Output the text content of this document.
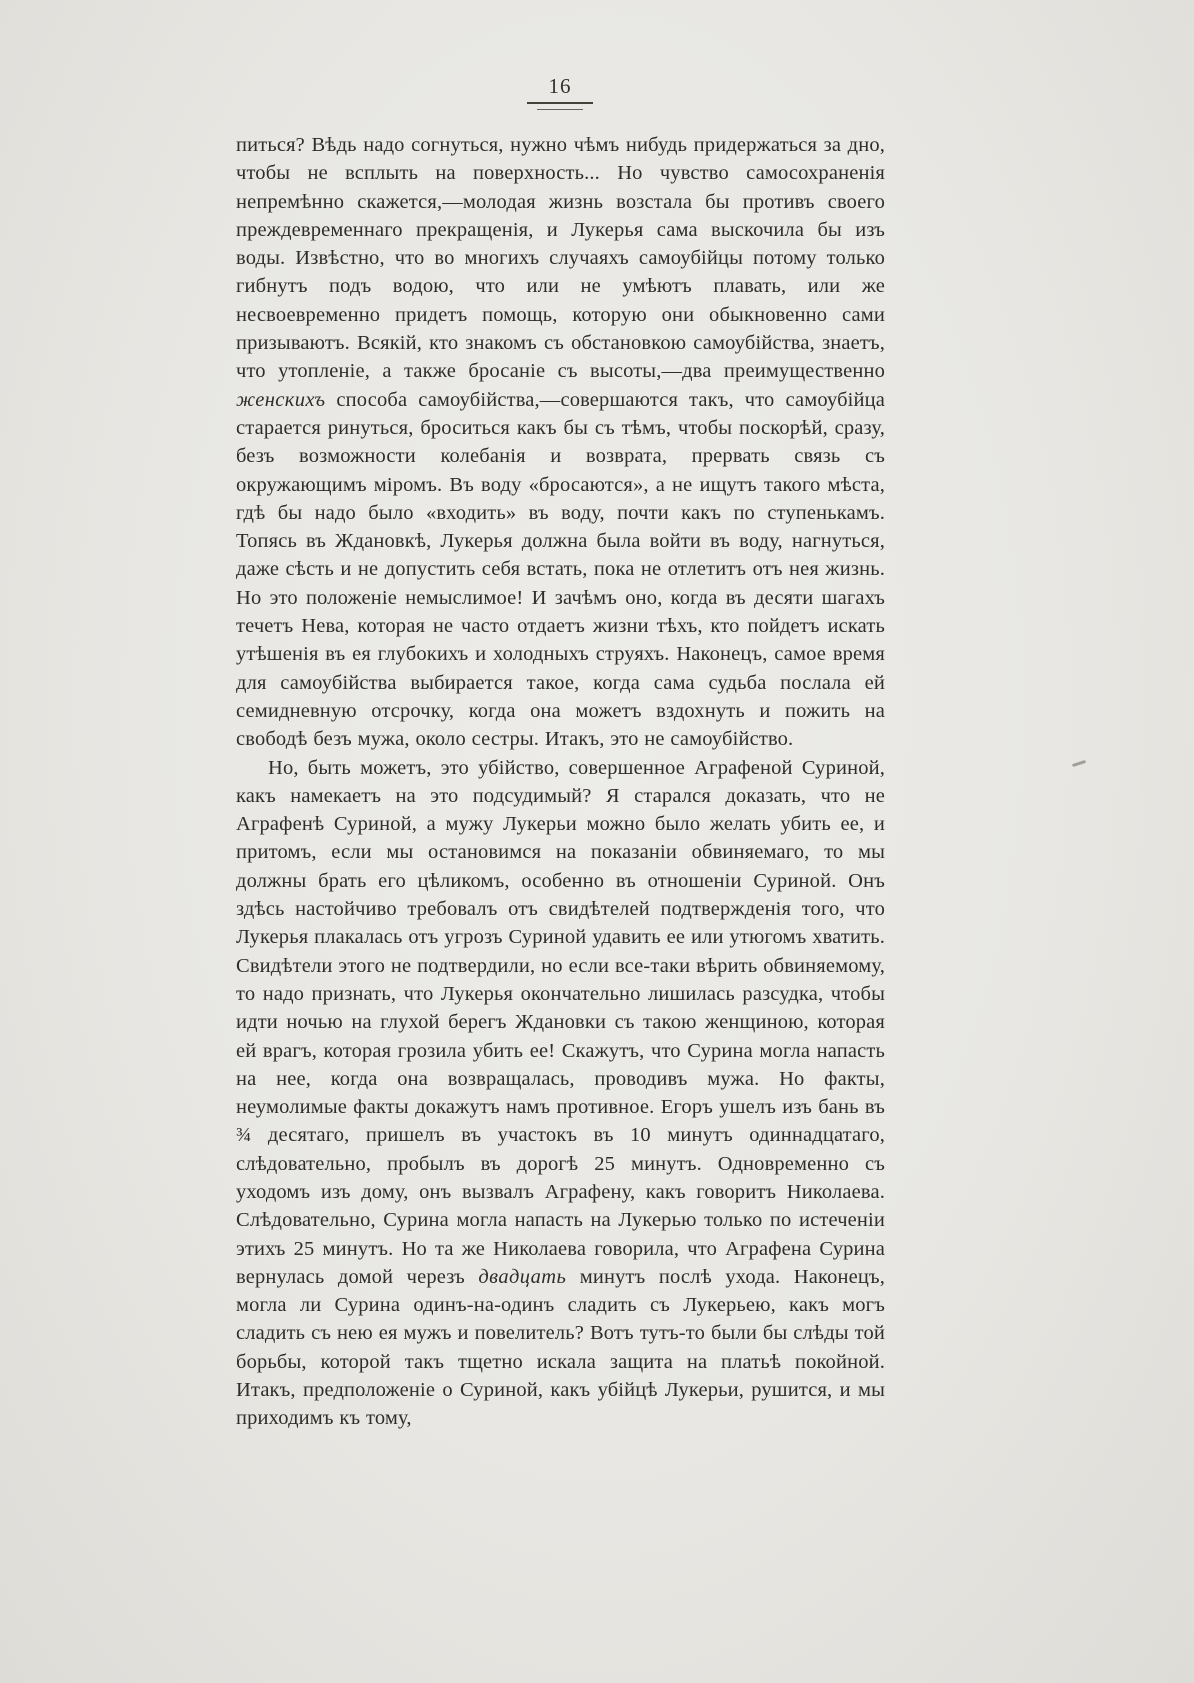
16

питься? Вѣдь надо согнуться, нужно чѣмъ нибудь придержаться за дно, чтобы не всплыть на поверхность... Но чувство самосохраненія непремѣнно скажется,—молодая жизнь возстала бы противъ своего преждевременнаго прекращенія, и Лукерья сама выскочила бы изъ воды. Извѣстно, что во многихъ случаяхъ самоубійцы потому только гибнутъ подъ водою, что или не умѣютъ плавать, или же несвоевременно придетъ помощь, которую они обыкновенно сами призываютъ. Всякій, кто знакомъ съ обстановкою самоубійства, знаетъ, что утопленіе, а также бросаніе съ высоты,—два преимущественно женскихъ способа самоубійства,—совершаются такъ, что самоубійца старается ринуться, броситься какъ бы съ тѣмъ, чтобы поскорѣй, сразу, безъ возможности колебанія и возврата, прервать связь съ окружающимъ міромъ. Въ воду «бросаются», а не ищутъ такого мѣста, гдѣ бы надо было «входить» въ воду, почти какъ по ступенькамъ. Топясь въ Ждановкѣ, Лукерья должна была войти въ воду, нагнуться, даже сѣсть и не допустить себя встать, пока не отлетитъ отъ нея жизнь. Но это положеніе немыслимое! И зачѣмъ оно, когда въ десяти шагахъ течетъ Нева, которая не часто отдаетъ жизни тѣхъ, кто пойдетъ искать утѣшенія въ ея глубокихъ и холодныхъ струяхъ. Наконецъ, самое время для самоубійства выбирается такое, когда сама судьба послала ей семидневную отсрочку, когда она можетъ вздохнуть и пожить на свободѣ безъ мужа, около сестры. Итакъ, это не самоубійство.

Но, быть можетъ, это убійство, совершенное Аграфеной Суриной, какъ намекаетъ на это подсудимый? Я старался доказать, что не Аграфенѣ Суриной, а мужу Лукерьи можно было желать убить ее, и притомъ, если мы остановимся на показаніи обвиняемаго, то мы должны брать его цѣликомъ, особенно въ отношеніи Суриной. Онъ здѣсь настойчиво требовалъ отъ свидѣтелей подтвержденія того, что Лукерья плакалась отъ угрозъ Суриной удавить ее или утюгомъ хватить. Свидѣтели этого не подтвердили, но если все-таки вѣрить обвиняемому, то надо признать, что Лукерья окончательно лишилась разсудка, чтобы идти ночью на глухой берегъ Ждановки съ такою женщиною, которая ей врагъ, которая грозила убить ее! Скажутъ, что Сурина могла напасть на нее, когда она возвращалась, проводивъ мужа. Но факты, неумолимые факты докажутъ намъ противное. Егоръ ушелъ изъ бань въ ¾ десятаго, пришелъ въ участокъ въ 10 минутъ одиннадцатаго, слѣдовательно, пробылъ въ дорогѣ 25 минутъ. Одновременно съ уходомъ изъ дому, онъ вызвалъ Аграфену, какъ говоритъ Николаева. Слѣдовательно, Сурина могла напасть на Лукерью только по истеченіи этихъ 25 минутъ. Но та же Николаева говорила, что Аграфена Сурина вернулась домой черезъ двадцать минутъ послѣ ухода. Наконецъ, могла ли Сурина одинъ-на-одинъ сладить съ Лукерьею, какъ могъ сладить съ нею ея мужъ и повелитель? Вотъ тутъ-то были бы слѣды той борьбы, которой такъ тщетно искала защита на платьѣ покойной. Итакъ, предположеніе о Суриной, какъ убійцѣ Лукерьи, рушится, и мы приходимъ къ тому,
